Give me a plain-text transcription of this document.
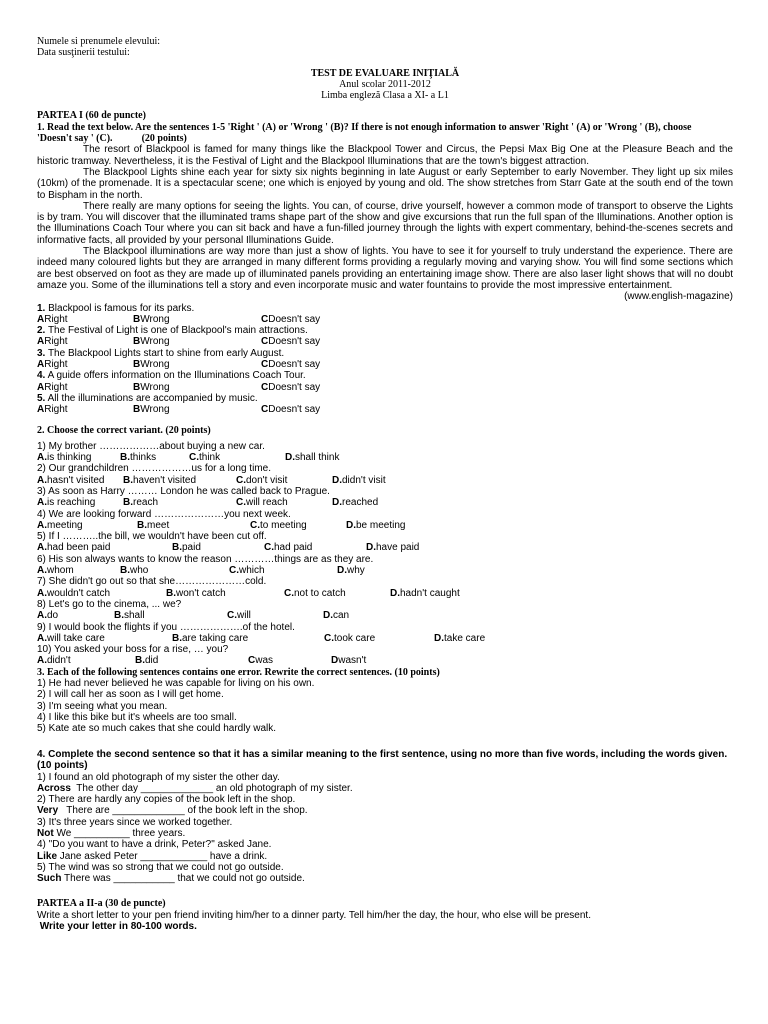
Numele si prenumele elevului:
Data susţinerii testului:
TEST DE EVALUARE INIŢIALĂ
Anul scolar 2011-2012
Limba engleză Clasa a XI- a L1
PARTEA I (60 de puncte)
1. Read the text below. Are the sentences 1-5 'Right ' (A) or 'Wrong ' (B)? If there is not enough information to answer 'Right ' (A) or 'Wrong ' (B), choose
'Doesn't say ' (C).	(20 points)
The resort of Blackpool is famed for many things like the Blackpool Tower and Circus, the Pepsi Max Big One at the Pleasure Beach and the historic tramway. Nevertheless, it is the Festival of Light and the Blackpool Illuminations that are the town's biggest attraction.
The Blackpool Lights shine each year for sixty six nights beginning in late August or early September to early November. They light up six miles (10km) of the promenade. It is a spectacular scene; one which is enjoyed by young and old. The show stretches from Starr Gate at the south end of the town to Bispham in the north.
There really are many options for seeing the lights. You can, of course, drive yourself, however a common mode of transport to observe the Lights is by tram. You will discover that the illuminated trams shape part of the show and give excursions that run the full span of the Illuminations. Another option is the Illuminations Coach Tour where you can sit back and have a fun-filled journey through the lights with expert commentary, behind-the-scenes secrets and informative facts, all provided by your personal Illuminations Guide.
The Blackpool illuminations are way more than just a show of lights. You have to see it for yourself to truly understand the experience. There are indeed many coloured lights but they are arranged in many different forms providing a regularly moving and varying show. You will find some sections which are best observed on foot as they are made up of illuminated panels providing an entertaining image show. There are also laser light shows that will no doubt amaze you. Some of the illuminations tell a story and even incorporate music and water fountains to provide the most impressive entertainment.
(www.english-magazine)
1. Blackpool is famous for its parks.
ARight	BWrong	CDoesn't say
2. The Festival of Light is one of Blackpool's main attractions.
ARight	BWrong	CDoesn't say
3. The Blackpool Lights start to shine from early August.
ARight	BWrong	CDoesn't say
4. A guide offers information on the Illuminations Coach Tour.
ARight	BWrong	CDoesn't say
5. All the illuminations are accompanied by music.
ARight	BWrong	CDoesn't say
2. Choose the correct variant. (20 points)
1) My brother ………………about buying a new car.
A.is thinking	B.thinks	C.think	D.shall think
2) Our grandchildren ………………us for a long time.
A.hasn't visited	B.haven't visited	C.don't visit	D.didn't visit
3) As soon as Harry ……… London he was called back to Prague.
A.is reaching	B.reach	C.will reach	D.reached
4) We are looking forward …………………you next week.
A.meeting	B.meet	C.to meeting	D.be meeting
5) If I ………..the bill, we wouldn't have been cut off.
A.had been paid	B.paid	C.had paid	D.have paid
6) His son always wants to know the reason …………things are as they are.
A.whom	B.who	C.which	D.why
7) She didn't go out so that she…………………cold.
A.wouldn't catch	B.won't catch	C.not to catch	D.hadn't caught
8) Let's go to the cinema, ... we?
A.do	B.shall	C.will	D.can
9) I would book the flights if you ……………….of the hotel.
A.will take care	B.are taking care	C.took care	D.take care
10) You asked your boss for a rise, … you?
A.didn't	B.did	Cwas	Dwasn't
3. Each of the following sentences contains one error. Rewrite the correct sentences. (10 points)
1) He had never believed he was capable for living on his own.
2) I will call her as soon as I will get home.
3) I'm seeing what you mean.
4) I like this bike but it's wheels are too small.
5) Kate ate so much cakes that she could hardly walk.
4. Complete the second sentence so that it has a similar meaning to the first sentence, using no more than five words, including the words given. (10 points)
1) I found an old photograph of my sister the other day.
Across  The other day _____________ an old photograph of my sister.
2) There are hardly any copies of the book left in the shop.
Very   There are _____________ of the book left in the shop.
3) It's three years since we worked together.
Not We __________ three years.
4) "Do you want to have a drink, Peter?" asked Jane.
Like Jane asked Peter ____________ have a drink.
5) The wind was so strong that we could not go outside.
Such There was ___________ that we could not go outside.
PARTEA a II-a (30 de puncte)
Write a short letter to your pen friend inviting him/her to a dinner party. Tell him/her the day, the hour, who else will be present.
Write your letter in 80-100 words.
